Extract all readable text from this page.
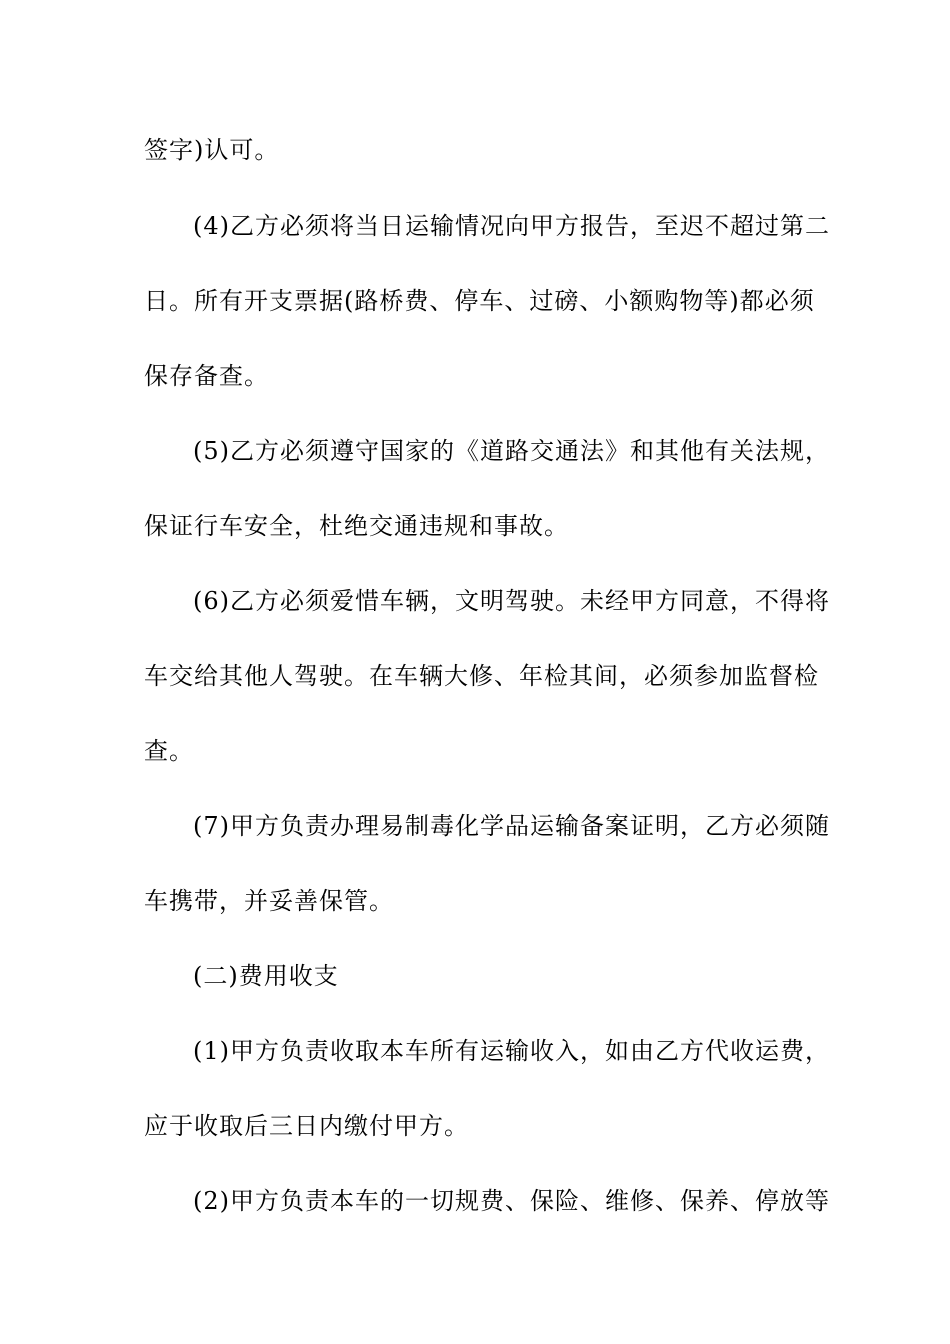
签字)认可。
(4)乙方必须将当日运输情况向甲方报告，至迟不超过第二
日。所有开支票据(路桥费、停车、过磅、小额购物等)都必须
保存备查。
(5)乙方必须遵守国家的《道路交通法》和其他有关法规，
保证行车安全，杜绝交通违规和事故。
(6)乙方必须爱惜车辆，文明驾驶。未经甲方同意，不得将
车交给其他人驾驶。在车辆大修、年检其间，必须参加监督检
查。
(7)甲方负责办理易制毒化学品运输备案证明，乙方必须随
车携带，并妥善保管。
(二)费用收支
(1)甲方负责收取本车所有运输收入，如由乙方代收运费，
应于收取后三日内缴付甲方。
(2)甲方负责本车的一切规费、保险、维修、保养、停放等
